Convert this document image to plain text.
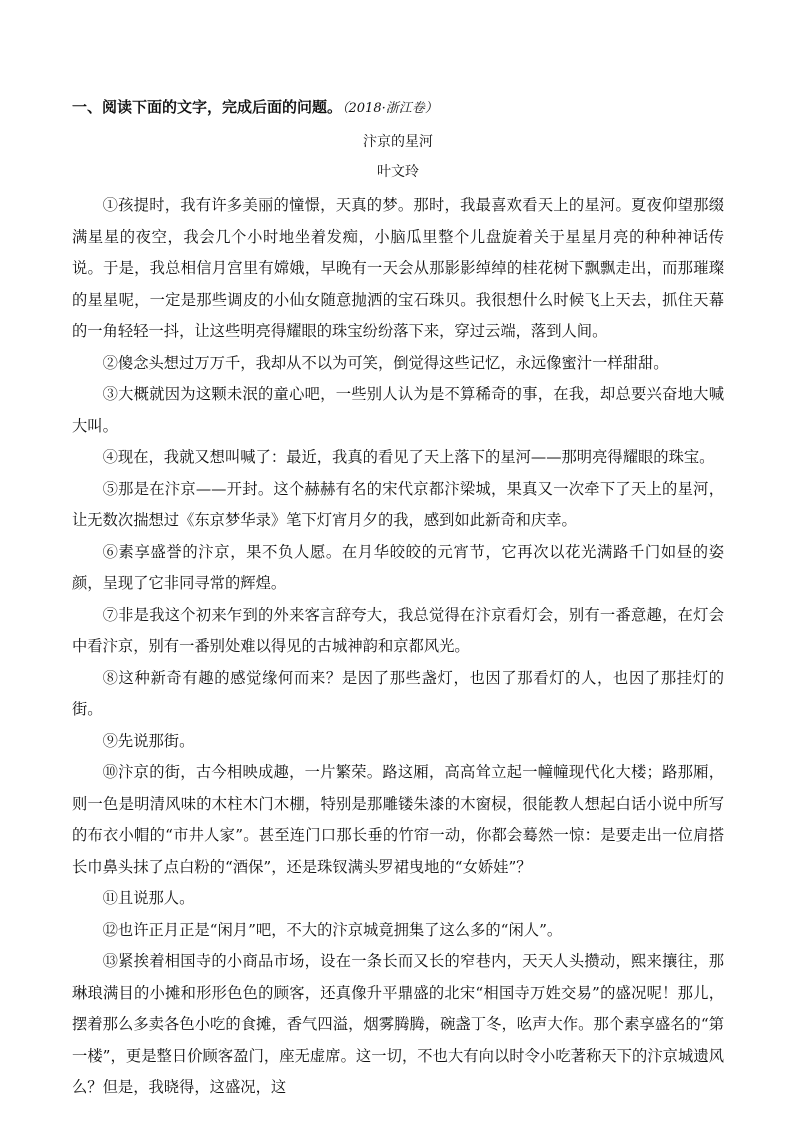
一、阅读下面的文字，完成后面的问题。（2018·浙江卷）
汴京的星河
叶文玲

①孩提时，我有许多美丽的憧憬，天真的梦。那时，我最喜欢看天上的星河。夏夜仰望那缀满星星的夜空，我会几个小时地坐着发痴，小脑瓜里整个儿盘旋着关于星星月亮的种种神话传说。于是，我总相信月宫里有嫦娥，早晚有一天会从那影影绰绰的桂花树下飘飘走出，而那璀璨的星星呢，一定是那些调皮的小仙女随意抛洒的宝石珠贝。我很想什么时候飞上天去，抓住天幕的一角轻轻一抖，让这些明亮得耀眼的珠宝纷纷落下来，穿过云端，落到人间。

②傻念头想过万万千，我却从不以为可笑，倒觉得这些记忆，永远像蜜汁一样甜甜。

③大概就因为这颗未泯的童心吧，一些别人认为是不算稀奇的事，在我，却总要兴奋地大喊大叫。

④现在，我就又想叫喊了：最近，我真的看见了天上落下的星河——那明亮得耀眼的珠宝。

⑤那是在汴京——开封。这个赫赫有名的宋代京都汴梁城，果真又一次牵下了天上的星河，让无数次揣想过《东京梦华录》笔下灯宵月夕的我，感到如此新奇和庆幸。

⑥素享盛誉的汴京，果不负人愿。在月华皎皎的元宵节，它再次以花光满路千门如昼的姿颜，呈现了它非同寻常的辉煌。

⑦非是我这个初来乍到的外来客言辞夸大，我总觉得在汴京看灯会，别有一番意趣，在灯会中看汴京，别有一番别处难以得见的古城神韵和京都风光。

⑧这种新奇有趣的感觉缘何而来？是因了那些盏灯，也因了那看灯的人，也因了那挂灯的街。

⑨先说那街。

⑩汴京的街，古今相映成趣，一片繁荣。路这厢，高高耸立起一幢幢现代化大楼；路那厢，则一色是明清风味的木柱木门木棚，特别是那雕镂朱漆的木窗棂，很能教人想起白话小说中所写的布衣小帽的“市井人家”。甚至连门口那长垂的竹帘一动，你都会蓦然一惊：是要走出一位肩搭长巾鼻头抹了点白粉的“酒保”，还是珠钗满头罗裙曳地的“女娇娃”？

⑪且说那人。

⑫也许正月正是“闲月”吧，不大的汴京城竟拥集了这么多的“闲人”。

⑬紧挨着相国寺的小商品市场，设在一条长而又长的窄巷内，天天人头攒动，熙来攘往，那琳琅满目的小摊和形形色色的顾客，还真像升平鼎盛的北宋“相国寺万姓交易”的盛况呢！那儿，摆着那么多卖各色小吃的食摊，香气四溢，烟雾腾腾，碗盏丁冬，吆声大作。那个素享盛名的“第一楼”，更是整日价顾客盈门，座无虚席。这一切，不也大有向以时令小吃著称天下的汴京城遗风么？但是，我晓得，这盛况，这
